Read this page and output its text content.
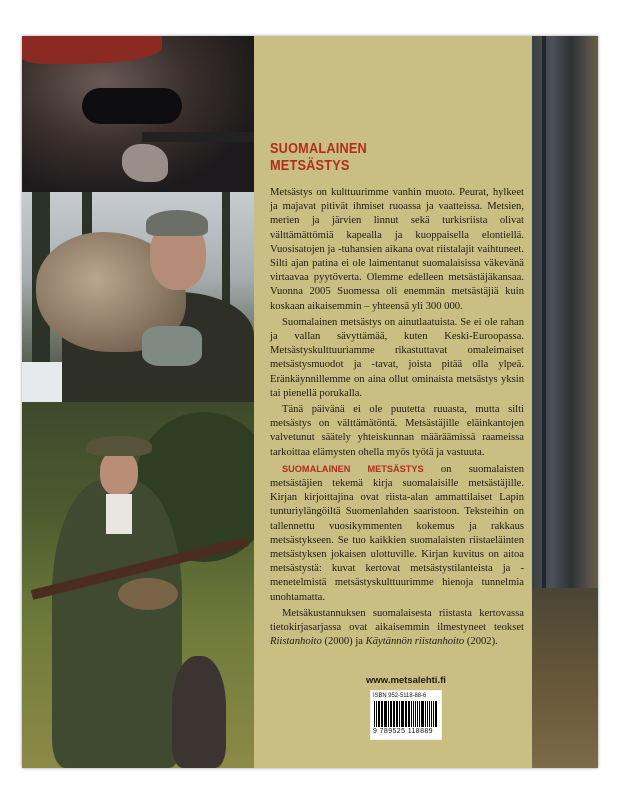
SUOMALAINEN
METSÄSTYS

Metsästys on kulttuurimme vanhin muoto. Peurat, hylkeet ja majavat pitivät ihmiset ruoassa ja vaatteissa. Metsien, merien ja järvien linnut sekä turkisriista olivat välttämättömiä kapealla ja kuoppaisella elontiellä. Vuosisatojen ja -tuhansien aikana ovat riistalajit vaihtuneet. Silti ajan patina ei ole laimentanut suomalaisissa väkevänä virtaavaa pyytöverta. Olemme edelleen metsästäjäkansaa. Vuonna 2005 Suomessa oli enemmän metsästäjiä kuin koskaan aikaisemmin – yhteensä yli 300 000.

Suomalainen metsästys on ainutlaatuista. Se ei ole rahan ja vallan sävyttämää, kuten Keski-Euroopassa. Metsästyskulttuuriamme rikastuttavat omaleimaiset metsästysmuodot ja -tavat, joista pitää olla ylpeä. Eränkäynnillemme on aina ollut ominaista metsästys yksin tai pienellä porukalla.

Tänä päivänä ei ole puutetta ruuasta, mutta silti metsästys on välttämätöntä. Metsästäjille eläinkantojen valvetunut säätely yhteiskunnan määräämissä raameissa tarkoittaa elämysten ohella myös työtä ja vastuuta.

SUOMALAINEN METSÄSTYS on suomalaisten metsästäjien tekemä kirja suomalaisille metsästäjille. Kirjan kirjoittajina ovat riista-alan ammattilaiset Lapin tunturiylängöiltä Suomenlahden saaristoon. Teksteihin on tallennettu vuosikymmenten kokemus ja rakkaus metsästykseen. Se tuo kaikkien suomalaisten riistaeläinten metsästyksen jokaisen ulottuville. Kirjan kuvitus on aitoa metsästystä: kuvat kertovat metsästystilanteista ja -menetelmistä metsästyskulttuurimme hienoja tunnelmia unohtamatta.

Metsäkustannuksen suomalaisesta riistasta kertovassa tietokirjasarjassa ovat aikaisemmin ilmestyneet teokset Riistanhoito (2000) ja Käytännön riistanhoito (2002).

www.metsalehti.fi
ISBN 952-5118-88-6
9 789525 118889
